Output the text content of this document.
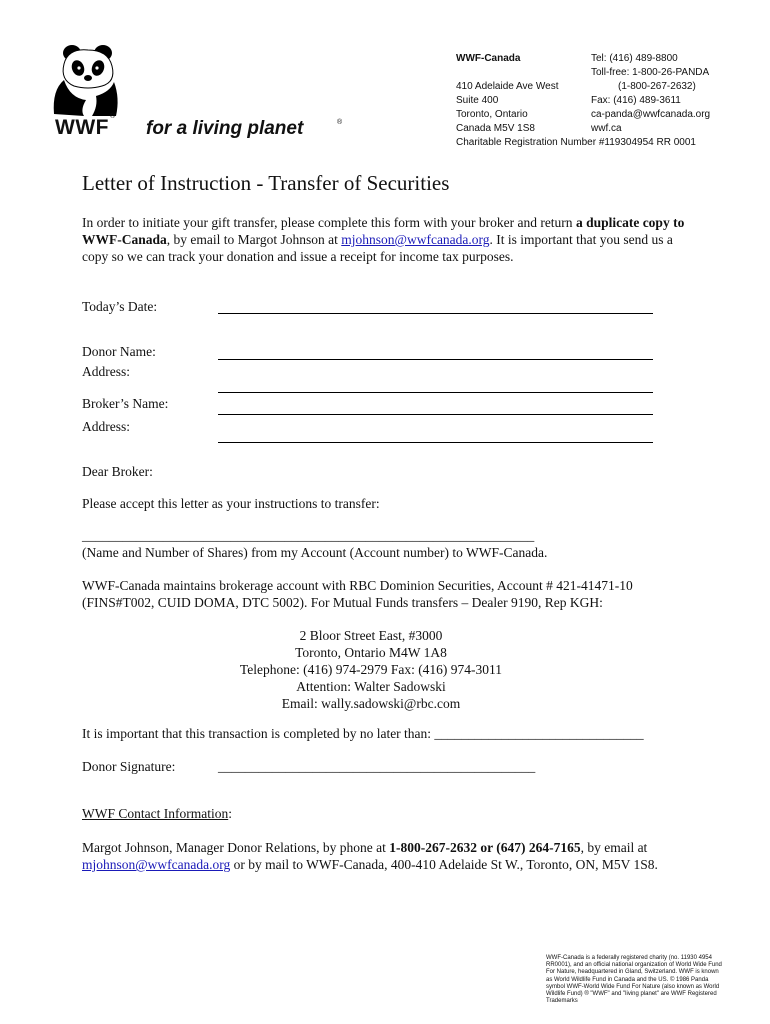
WWF ®
for a living planet	®
WWF-Canada
410 Adelaide Ave West
Suite 400
Toronto, Ontario
Canada M5V 1S8
Tel: (416) 489-8800
Toll-free: 1-800-26-PANDA
(1-800-267-2632)
Fax: (416) 489-3611
ca-panda@wwfcanada.org
wwf.ca
Charitable Registration Number #119304954 RR 0001
Letter of Instruction - Transfer of Securities
In order to initiate your gift transfer, please complete this form with your broker and return a duplicate copy to
WWF-Canada, by email to Margot Johnson at mjohnson@wwfcanada.org. It is important that you send us a
copy so we can track your donation and issue a receipt for income tax purposes.
Today’s Date:
Donor Name:
Address:
Broker’s Name:
Address:
Dear Broker:
Please accept this letter as your instructions to transfer:
___________________________________________________________________
(Name and Number of Shares) from my Account (Account number) to WWF-Canada.
WWF-Canada maintains brokerage account with RBC Dominion Securities, Account # 421-41471-10
(FINS#T002, CUID DOMA, DTC 5002). For Mutual Funds transfers – Dealer 9190, Rep KGH:
2 Bloor Street East, #3000
Toronto, Ontario M4W 1A8
Telephone: (416) 974-2979 Fax: (416) 974-3011
Attention: Walter Sadowski
Email: wally.sadowski@rbc.com
It is important that this transaction is completed by no later than: _______________________________
Donor Signature:	_______________________________________________
WWF Contact Information:
Margot Johnson, Manager Donor Relations, by phone at 1-800-267-2632 or (647) 264-7165, by email at
mjohnson@wwfcanada.org or by mail to WWF-Canada, 400-410 Adelaide St W., Toronto, ON, M5V 1S8.
WWF-Canada is a federally registered charity (no. 11930 4954 RR0001), and an official national organization of World Wide Fund For Nature, headquartered in Gland, Switzerland. WWF is known as World Wildlife Fund in Canada and the US. © 1986 Panda symbol WWF-World Wide Fund For Nature (also known as World Wildlife Fund) ® "WWF" and "living planet" are WWF Registered Trademarks
